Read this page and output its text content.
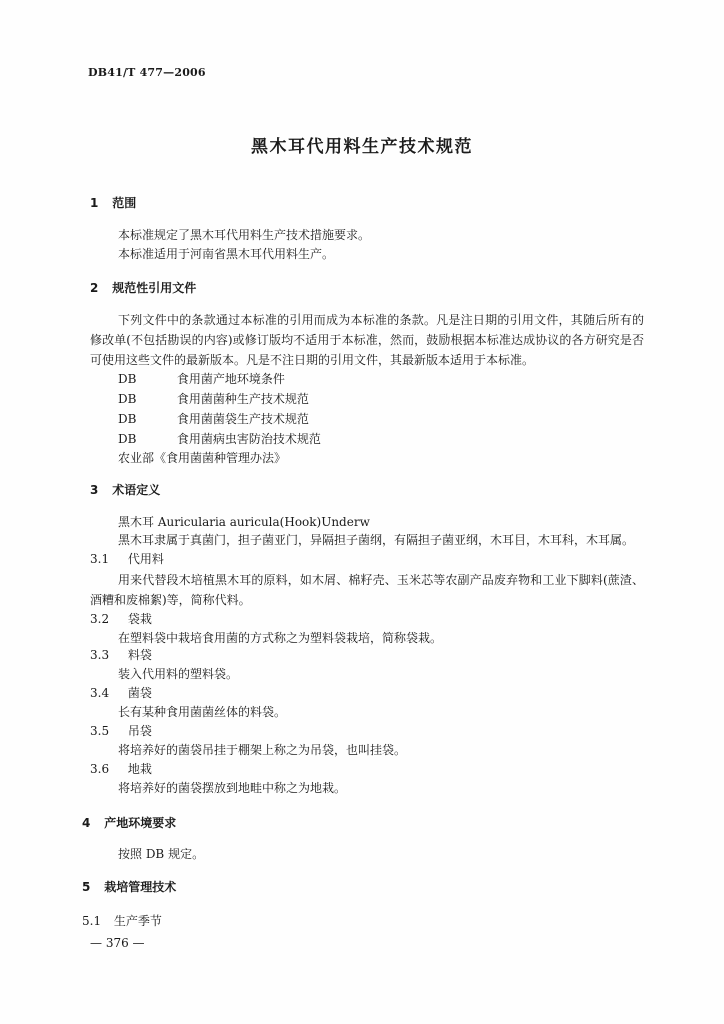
DB41/T 477—2006
黑木耳代用料生产技术规范
1 范围
本标准规定了黑木耳代用料生产技术措施要求。
本标准适用于河南省黑木耳代用料生产。
2 规范性引用文件
下列文件中的条款通过本标准的引用而成为本标准的条款。凡是注日期的引用文件，其随后所有的修改单(不包括勘误的内容)或修订版均不适用于本标准，然而，鼓励根据本标准达成协议的各方研究是否可使用这些文件的最新版本。凡是不注日期的引用文件，其最新版本适用于本标准。
DB	食用菌产地环境条件
DB	食用菌菌种生产技术规范
DB	食用菌菌袋生产技术规范
DB	食用菌病虫害防治技术规范
农业部《食用菌菌种管理办法》
3 术语定义
黑木耳 Auricularia auricula(Hook)Underw
黑木耳隶属于真菌门，担子菌亚门，异隔担子菌纲，有隔担子菌亚纲，木耳目，木耳科，木耳属。
3.1 代用料
用来代替段木培植黑木耳的原料，如木屑、棉籽壳、玉米芯等农副产品废弃物和工业下脚料(蔗渣、酒糟和废棉絮)等，简称代料。
3.2 袋栽
在塑料袋中栽培食用菌的方式称之为塑料袋栽培，简称袋栽。
3.3 料袋
装入代用料的塑料袋。
3.4 菌袋
长有某种食用菌菌丝体的料袋。
3.5 吊袋
将培养好的菌袋吊挂于棚架上称之为吊袋，也叫挂袋。
3.6 地栽
将培养好的菌袋摆放到地畦中称之为地栽。
4 产地环境要求
按照 DB 规定。
5 栽培管理技术
5.1 生产季节
— 376 —
